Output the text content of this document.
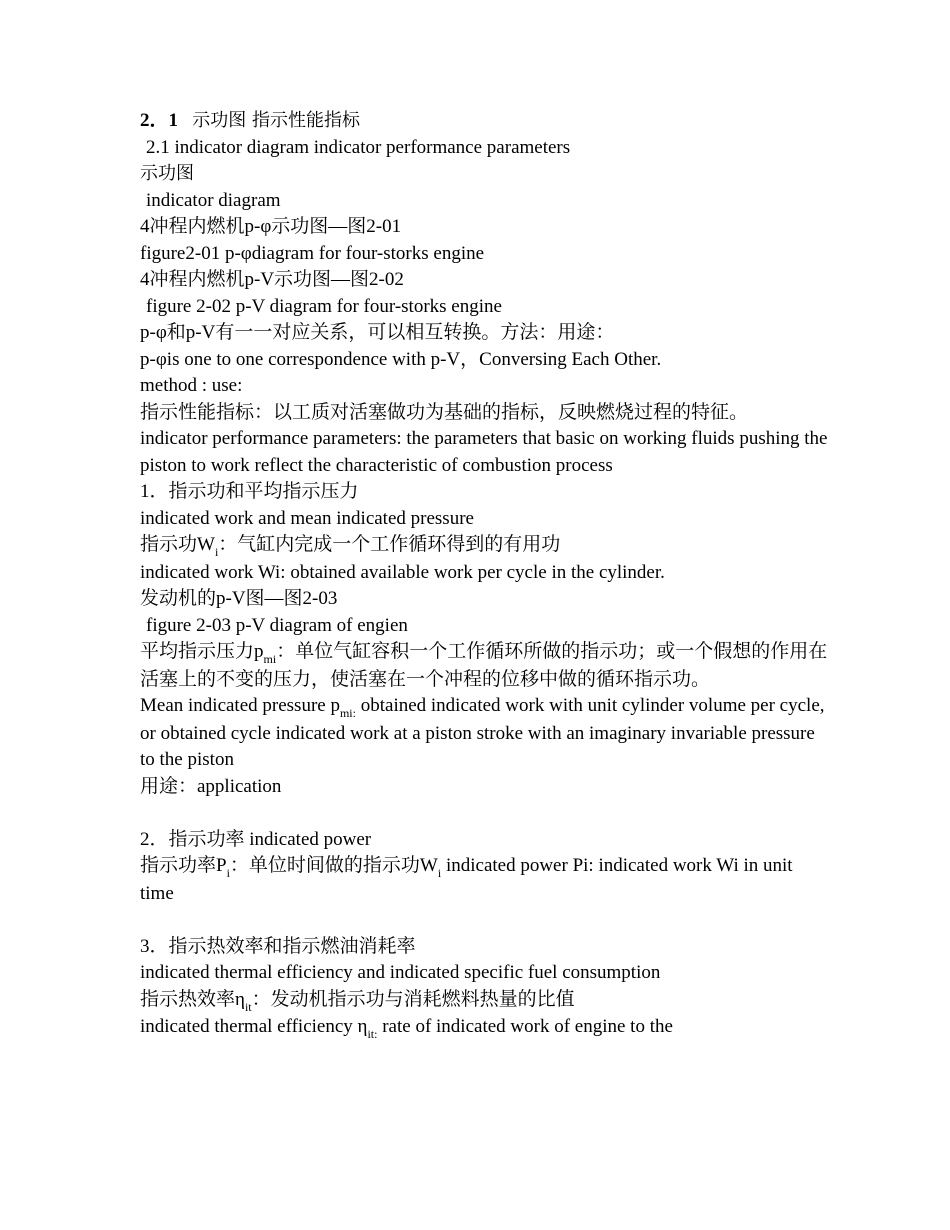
2．1 示功图 指示性能指标
2.1 indicator diagram indicator performance parameters
示功图
indicator diagram
4冲程内燃机p-φ示功图—图2-01
figure2-01 p-φdiagram for four-storks engine
4冲程内燃机p-V示功图—图2-02
figure 2-02 p-V diagram for four-storks engine
p-φ和p-V有一一对应关系，可以相互转换。方法：用途：
p-φis one to one correspondence with p-V，Conversing Each Other.
method : use:
指示性能指标：以工质对活塞做功为基础的指标，反映燃烧过程的特征。
indicator performance parameters: the parameters that basic on working fluids pushing the piston to work reflect the characteristic of combustion process
1．指示功和平均指示压力
indicated work and mean indicated pressure
指示功$W_i$：气缸内完成一个工作循环得到的有用功
indicated work Wi: obtained available work per cycle in the cylinder.
发动机的p-V图—图2-03
figure 2-03 p-V diagram of engien
平均指示压力$p_{mi}$：单位气缸容积一个工作循环所做的指示功；或一个假想的作用在活塞上的不变的压力，使活塞在一个冲程的位移中做的循环指示功。
Mean indicated pressure $p_{mi:}$ obtained indicated work with unit cylinder volume per cycle, or obtained cycle indicated work at a piston stroke with an imaginary invariable pressure to the piston
用途：application
2．指示功率 indicated power
指示功率$P_i$：单位时间做的指示功$W_i$ indicated power Pi: indicated work Wi in unit time
3．指示热效率和指示燃油消耗率
indicated thermal efficiency and indicated specific fuel consumption
指示热效率$\eta_{it}$：发动机指示功与消耗燃料热量的比值
indicated thermal efficiency $\eta_{it:}$ rate of indicated work of engine to the
